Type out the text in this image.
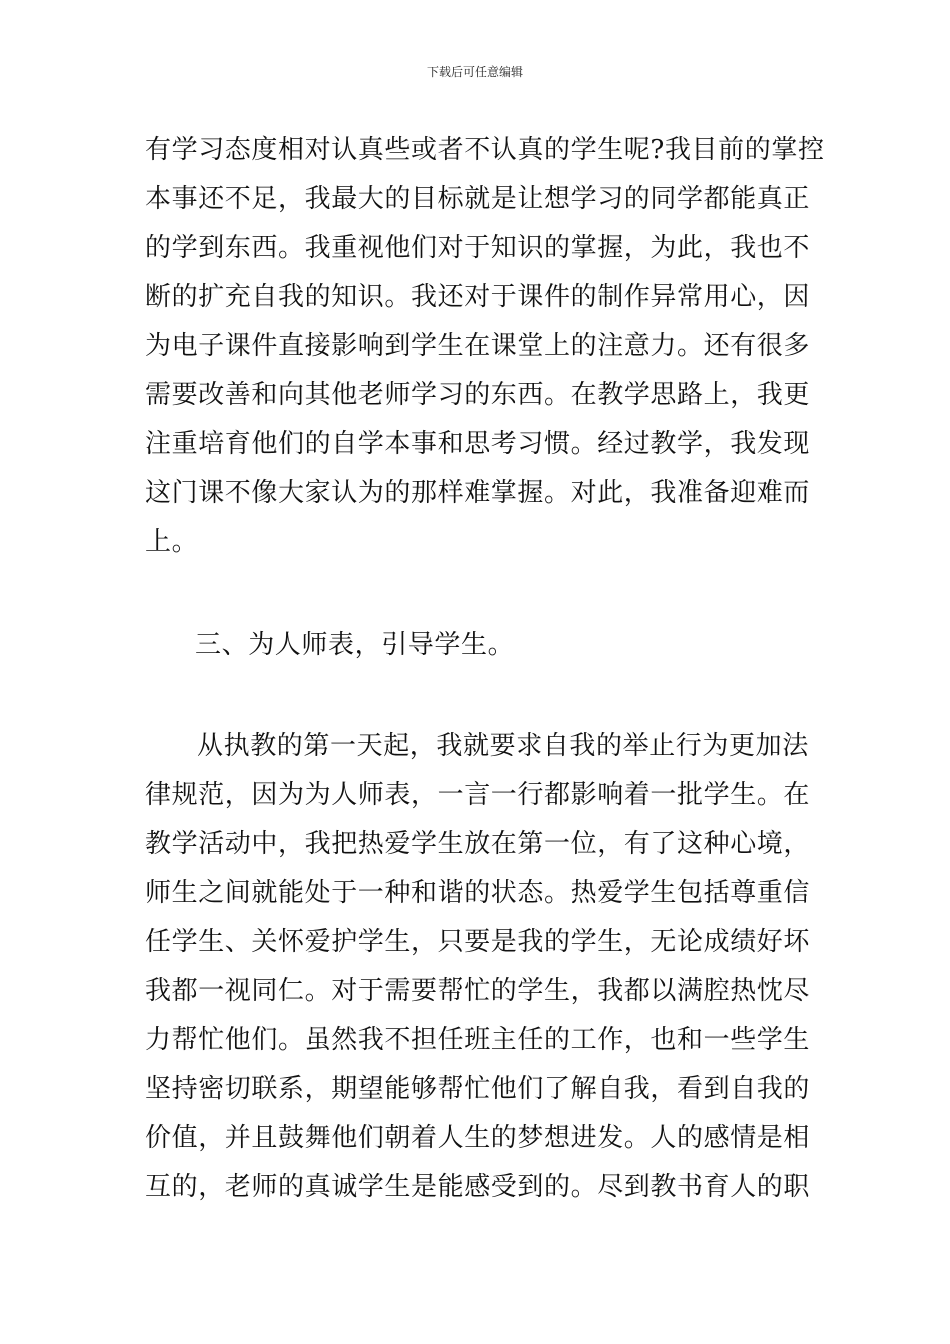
下载后可任意编辑
有学习态度相对认真些或者不认真的学生呢?我目前的掌控
本事还不足，我最大的目标就是让想学习的同学都能真正
的学到东西。我重视他们对于知识的掌握，为此，我也不
断的扩充自我的知识。我还对于课件的制作异常用心，因
为电子课件直接影响到学生在课堂上的注意力。还有很多
需要改善和向其他老师学习的东西。在教学思路上，我更
注重培育他们的自学本事和思考习惯。经过教学，我发现
这门课不像大家认为的那样难掌握。对此，我准备迎难而
上。
三、为人师表，引导学生。
从执教的第一天起，我就要求自我的举止行为更加法
律规范，因为为人师表，一言一行都影响着一批学生。在
教学活动中，我把热爱学生放在第一位，有了这种心境，
师生之间就能处于一种和谐的状态。热爱学生包括尊重信
任学生、关怀爱护学生，只要是我的学生，无论成绩好坏
我都一视同仁。对于需要帮忙的学生，我都以满腔热忱尽
力帮忙他们。虽然我不担任班主任的工作，也和一些学生
坚持密切联系，期望能够帮忙他们了解自我，看到自我的
价值，并且鼓舞他们朝着人生的梦想进发。人的感情是相
互的，老师的真诚学生是能感受到的。尽到教书育人的职
